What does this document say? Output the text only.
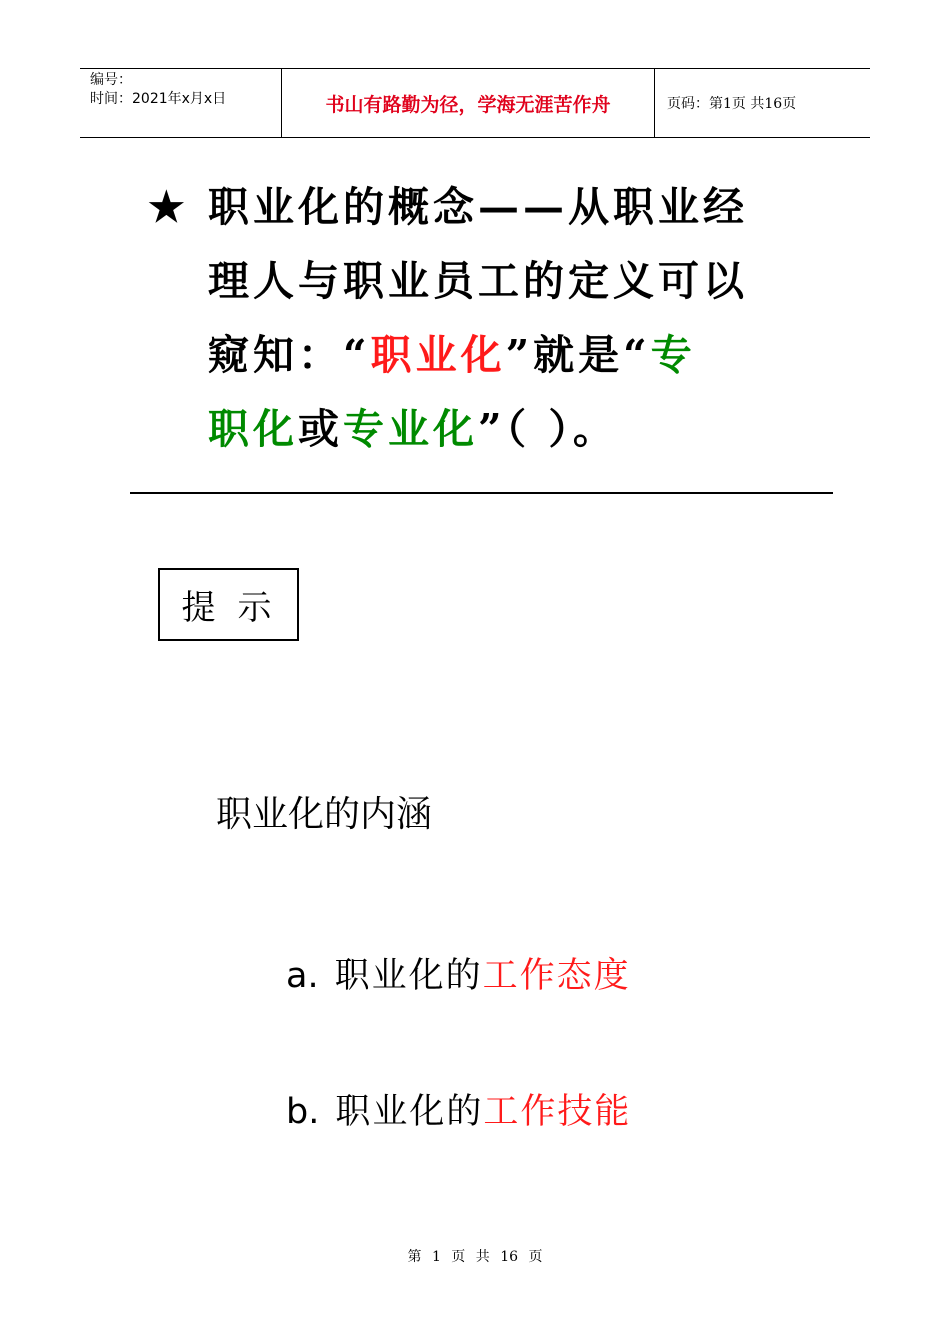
编号：
时间：2021年x月x日	书山有路勤为径，学海无涯苦作舟	页码：第1页 共16页
★ 职业化的概念——从职业经
理人与职业员工的定义可以
窥知：“职业化”就是“专
职化或专业化”（ ）。
提示
职业化的内涵
a. 职业化的工作态度
b. 职业化的工作技能
第 1 页 共 16 页
